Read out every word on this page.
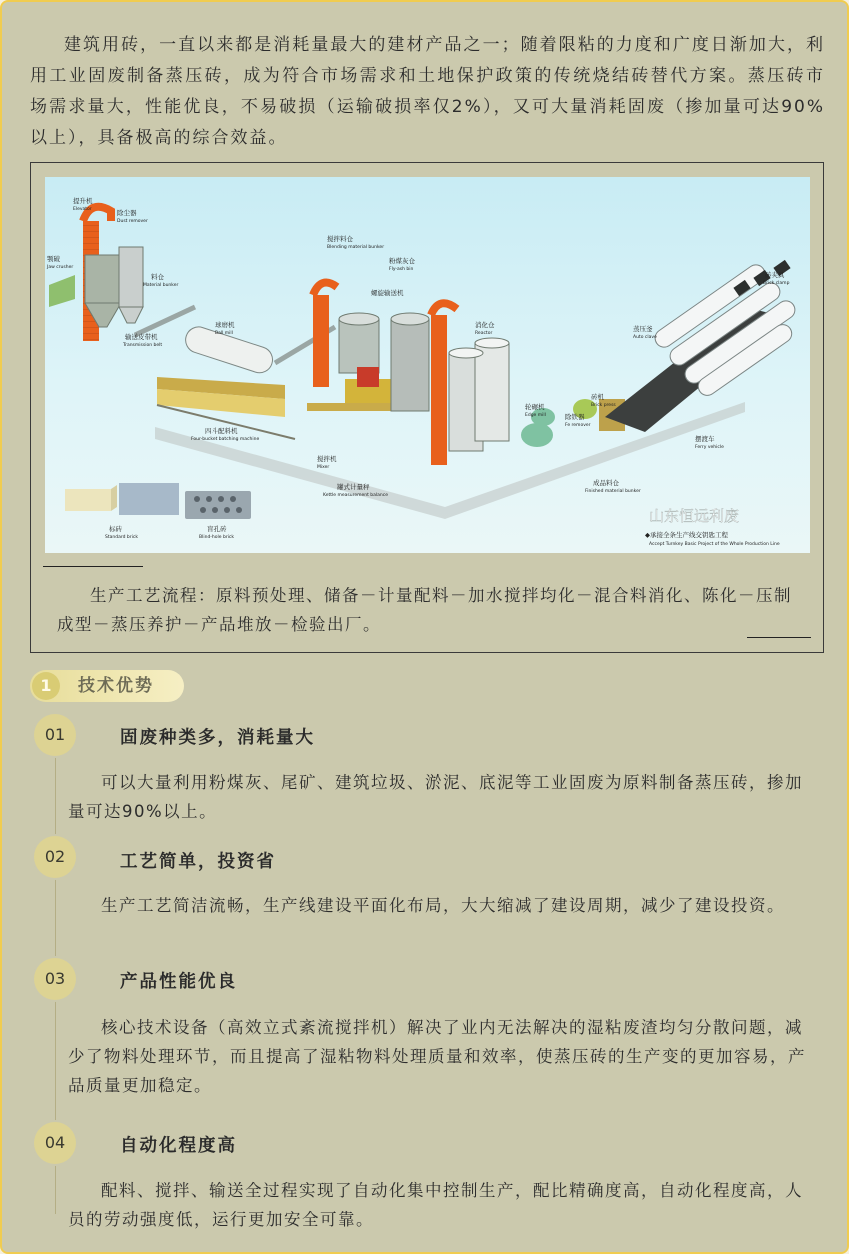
建筑用砖，一直以来都是消耗量最大的建材产品之一；随着限粘的力度和广度日渐加大，利用工业固废制备蒸压砖，成为符合市场需求和土地保护政策的传统烧结砖替代方案。蒸压砖市场需求量大，性能优良，不易破损（运输破损率仅2%），又可大量消耗固废（掺加量可达90%以上），具备极高的综合效益。

提升机
Elevator	除尘器
Dust remover
颚破
Jaw crusher
料仓
Material bunker
输送皮带机
Transmission belt
球磨机
Ball mill
搅拌料仓
Blending material bunker
粉煤灰仓
Fly-ash bin
螺旋输送机
四斗配料机
Four-bucket batching machine
搅拌机
Mixer
罐式计量秤
Kettle measurement balance
消化仓
Reactor
轮碾机
Edge mill	除铁器
Fe remover
砖机
Brick press
成品料仓
Finished material bunker
蒸压釜
Auto clave
摆渡车
Ferry vehicle
砖夹具
Brick clamp
标砖
Standard brick
盲孔砖
Blind-hole brick	◆承接全条生产线交钥匙工程
Accept Turnkey Basic Project of the Whole Production Line
山东恒远利废

生产工艺流程：原料预处理、储备－计量配料－加水搅拌均化－混合料消化、陈化－压制成型－蒸压养护－产品堆放－检验出厂。

1	技术优势
01	固废种类多，消耗量大

可以大量利用粉煤灰、尾矿、建筑垃圾、淤泥、底泥等工业固废为原料制备蒸压砖，掺加量可达90%以上。

02	工艺简单，投资省

生产工艺简洁流畅，生产线建设平面化布局，大大缩减了建设周期，减少了建设投资。

03	产品性能优良

核心技术设备（高效立式紊流搅拌机）解决了业内无法解决的湿粘废渣均匀分散问题，减少了物料处理环节，而且提高了湿粘物料处理质量和效率，使蒸压砖的生产变的更加容易，产品质量更加稳定。

04	自动化程度高

配料、搅拌、输送全过程实现了自动化集中控制生产，配比精确度高，自动化程度高，人员的劳动强度低，运行更加安全可靠。
